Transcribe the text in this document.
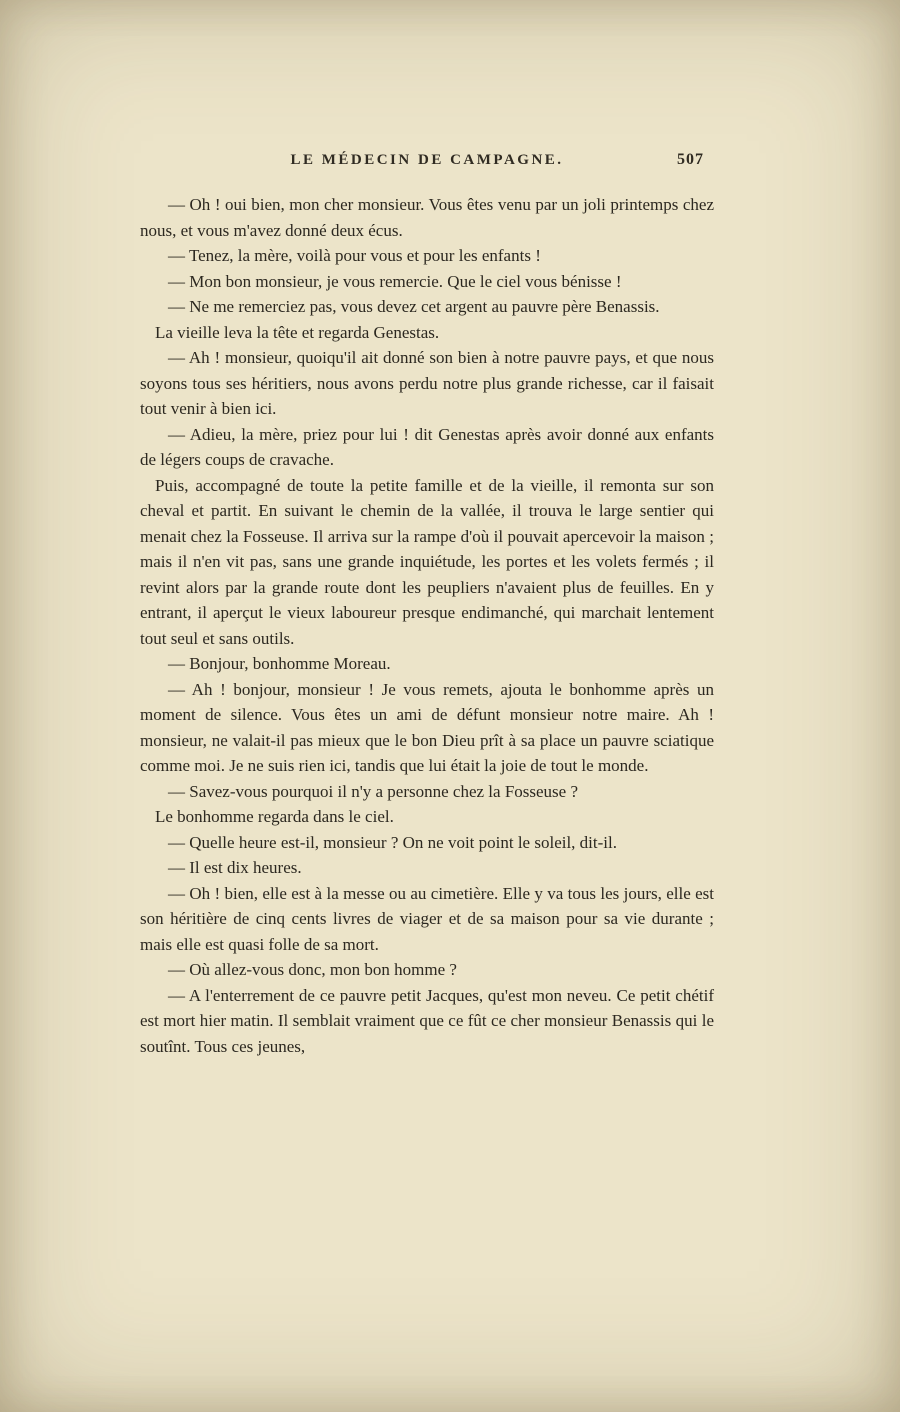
LE MÉDECIN DE CAMPAGNE.	507

— Oh ! oui bien, mon cher monsieur. Vous êtes venu par un joli printemps chez nous, et vous m'avez donné deux écus.

— Tenez, la mère, voilà pour vous et pour les enfants !

— Mon bon monsieur, je vous remercie. Que le ciel vous bénisse !

— Ne me remerciez pas, vous devez cet argent au pauvre père Benassis.

La vieille leva la tête et regarda Genestas.

— Ah ! monsieur, quoiqu'il ait donné son bien à notre pauvre pays, et que nous soyons tous ses héritiers, nous avons perdu notre plus grande richesse, car il faisait tout venir à bien ici.

— Adieu, la mère, priez pour lui ! dit Genestas après avoir donné aux enfants de légers coups de cravache.

Puis, accompagné de toute la petite famille et de la vieille, il remonta sur son cheval et partit. En suivant le chemin de la vallée, il trouva le large sentier qui menait chez la Fosseuse. Il arriva sur la rampe d'où il pouvait apercevoir la maison ; mais il n'en vit pas, sans une grande inquiétude, les portes et les volets fermés ; il revint alors par la grande route dont les peupliers n'avaient plus de feuilles. En y entrant, il aperçut le vieux laboureur presque endimanché, qui marchait lentement tout seul et sans outils.

— Bonjour, bonhomme Moreau.

— Ah ! bonjour, monsieur ! Je vous remets, ajouta le bonhomme après un moment de silence. Vous êtes un ami de défunt monsieur notre maire. Ah ! monsieur, ne valait-il pas mieux que le bon Dieu prît à sa place un pauvre sciatique comme moi. Je ne suis rien ici, tandis que lui était la joie de tout le monde.

— Savez-vous pourquoi il n'y a personne chez la Fosseuse ?

Le bonhomme regarda dans le ciel.

— Quelle heure est-il, monsieur ? On ne voit point le soleil, dit-il.

— Il est dix heures.

— Oh ! bien, elle est à la messe ou au cimetière. Elle y va tous les jours, elle est son héritière de cinq cents livres de viager et de sa maison pour sa vie durante ; mais elle est quasi folle de sa mort.

— Où allez-vous donc, mon bon homme ?

— A l'enterrement de ce pauvre petit Jacques, qu'est mon neveu. Ce petit chétif est mort hier matin. Il semblait vraiment que ce fût ce cher monsieur Benassis qui le soutînt. Tous ces jeunes,
